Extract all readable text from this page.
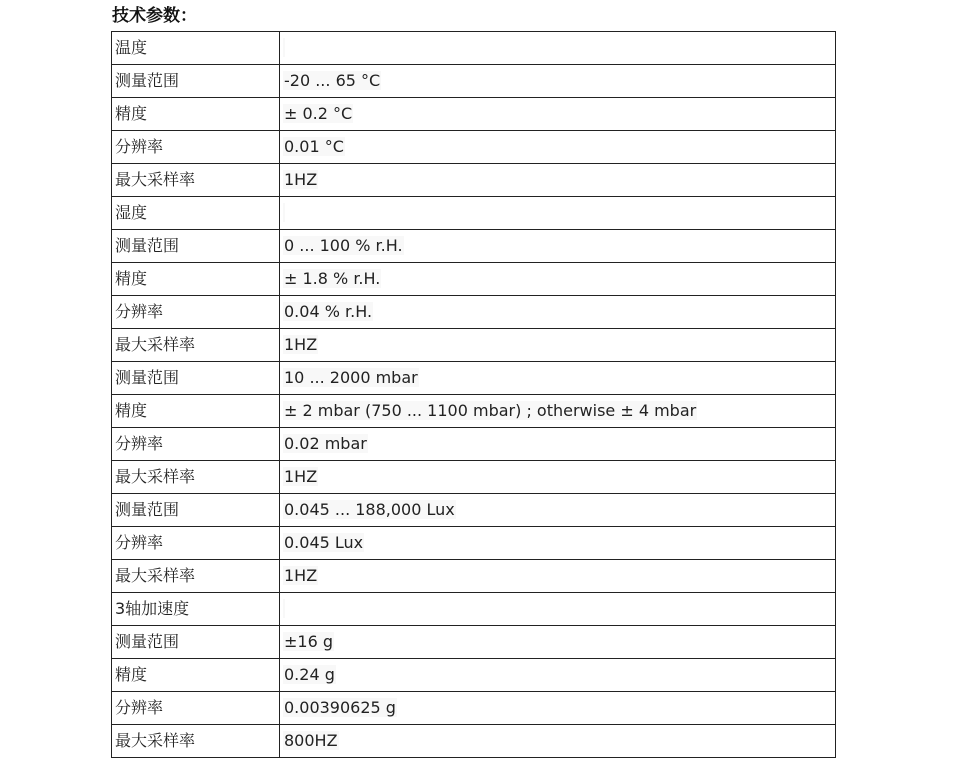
技术参数：
温度	
测量范围	-20 ... 65 °C
精度	± 0.2 °C
分辨率	0.01 °C
最大采样率	1HZ
湿度	
测量范围	0 ... 100 % r.H.
精度	± 1.8 % r.H.
分辨率	0.04 % r.H.
最大采样率	1HZ
测量范围	10 ... 2000 mbar
精度	± 2 mbar (750 ... 1100 mbar) ; otherwise ± 4 mbar
分辨率	0.02 mbar
最大采样率	1HZ
测量范围	0.045 ... 188,000 Lux
分辨率	0.045 Lux
最大采样率	1HZ
3轴加速度	
测量范围	±16 g
精度	0.24 g
分辨率	0.00390625 g
最大采样率	800HZ
